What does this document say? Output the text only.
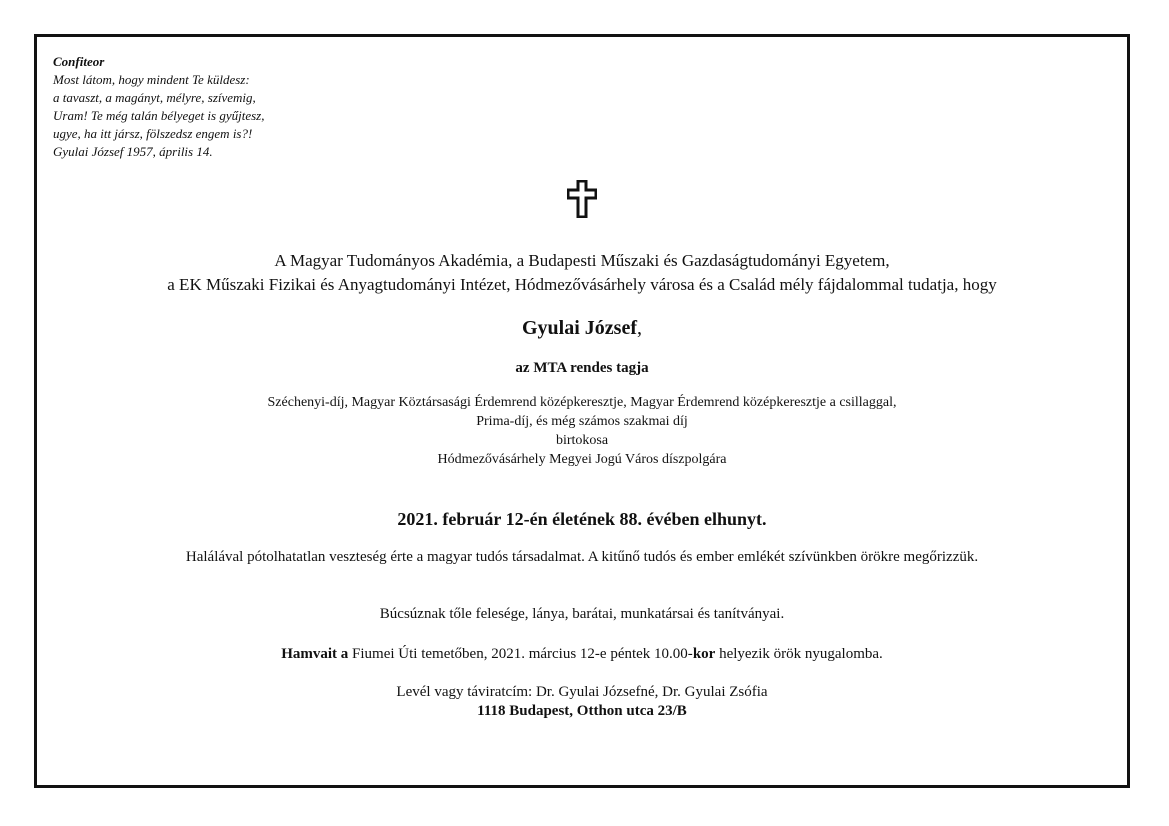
Confiteor
Most látom, hogy mindent Te küldesz:
a tavaszt, a magányt, mélyre, szívemig,
Uram! Te még talán bélyeget is gyűjtesz,
ugye, ha itt jársz, fölszedsz engem is?!
Gyulai József 1957, április 14.
A Magyar Tudományos Akadémia, a Budapesti Műszaki és Gazdaságtudományi Egyetem,
a EK Műszaki Fizikai és Anyagtudományi Intézet, Hódmezővásárhely városa és a Család mély fájdalommal tudatja, hogy
Gyulai József,
az MTA rendes tagja
Széchenyi-díj, Magyar Köztársasági Érdemrend középkeresztje, Magyar Érdemrend középkeresztje a csillaggal,
Prima-díj, és még számos szakmai díj
birtokosa
Hódmezővásárhely Megyei Jogú Város díszpolgára
2021. február 12-én életének 88. évében elhunyt.
Halálával pótolhatatlan veszteség érte a magyar tudós társadalmat. A kitűnő tudós és ember emlékét szívünkben örökre megőrizzük.
Búcsúznak tőle felesége, lánya, barátai, munkatársai és tanítványai.
Hamvait a Fiumei Úti temetőben, 2021. március 12-e péntek 10.00-kor helyezik örök nyugalomba.
Levél vagy táviratcím: Dr. Gyulai Józsefné, Dr. Gyulai Zsófia
1118 Budapest, Otthon utca 23/B
